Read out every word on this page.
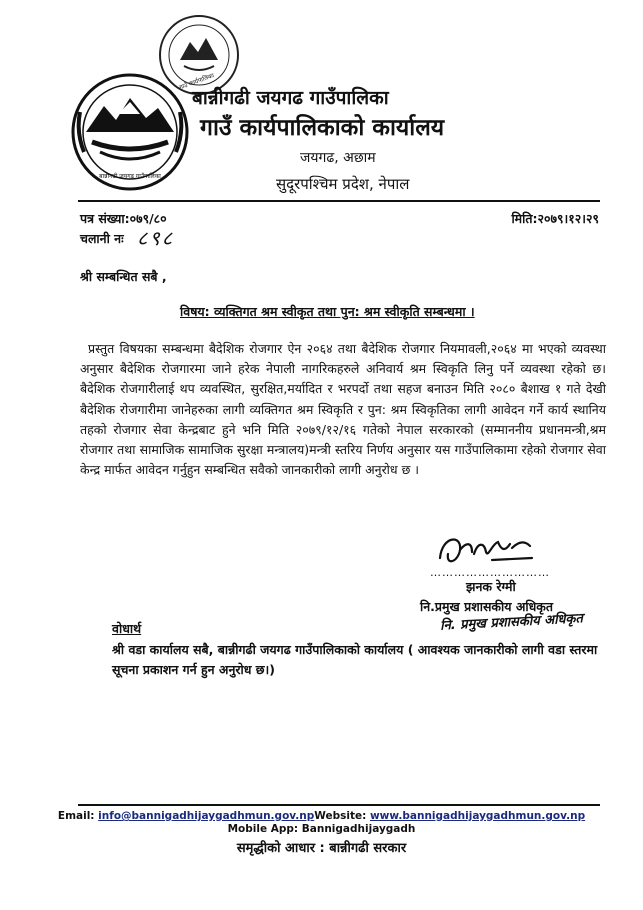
गाउँ कार्यपालिका
बान्नीगढी जयगढ गाउँपालिका
बान्नीगढी जयगढ गाउँपालिका
गाउँ कार्यपालिकाको कार्यालय
जयगढ, अछाम
सुदूरपश्चिम प्रदेश, नेपाल
पत्र संख्या:०७९/८०	मिति:२०७९।१२।२९
चलानी नः ८९८
श्री सम्बन्धित सबै ,
विषय: व्यक्तिगत श्रम स्वीकृत तथा पुन: श्रम स्वीकृति सम्बन्धमा ।
प्रस्तुत विषयका सम्बन्धमा बैदेशिक रोजगार ऐन २०६४ तथा बैदेशिक रोजगार नियमावली,२०६४ मा भएको व्यवस्था अनुसार बैदेशिक रोजगारमा जाने हरेक नेपाली नागरिकहरुले अनिवार्य श्रम स्विकृति लिनु पर्ने व्यवस्था रहेको छ। बैदेशिक रोजगारीलाई थप व्यवस्थित, सुरक्षित,मर्यादित र भरपर्दो तथा सहज बनाउन मिति २०८० बैशाख १ गते देखी बैदेशिक रोजगारीमा जानेहरुका लागी व्यक्तिगत श्रम स्विकृति र पुन: श्रम स्विकृतिका लागी आवेदन गर्ने कार्य स्थानिय तहको रोजगार सेवा केन्द्रबाट हुने भनि मिति २०७९/१२/१६ गतेको नेपाल सरकारको (सम्माननीय प्रधानमन्त्री,श्रम रोजगार तथा सामाजिक सामाजिक सुरक्षा मन्त्रालय)मन्त्री स्तरिय निर्णय अनुसार यस गाउँपालिकामा रहेको रोजगार सेवा केन्द्र मार्फत आवेदन गर्नुहुन सम्बन्धित सवैको जानकारीको लागी अनुरोध छ ।
…………………………
झनक रेग्मी
नि.प्रमुख प्रशासकीय अधिकृत
नि. प्रमुख प्रशासकीय अधिकृत
वोधार्थ
श्री वडा कार्यालय सबै, बान्नीगढी जयगढ गाउँपालिकाको कार्यालय ( आवश्यक जानकारीको लागी वडा स्तरमा सूचना प्रकाशन गर्न हुन अनुरोध छ।)
Email: info@bannigadhijaygadhmun.gov.npWebsite: www.bannigadhijaygadhmun.gov.np
Mobile App: Bannigadhijaygadh
समृद्धीको आधार : बान्नीगढी सरकार
